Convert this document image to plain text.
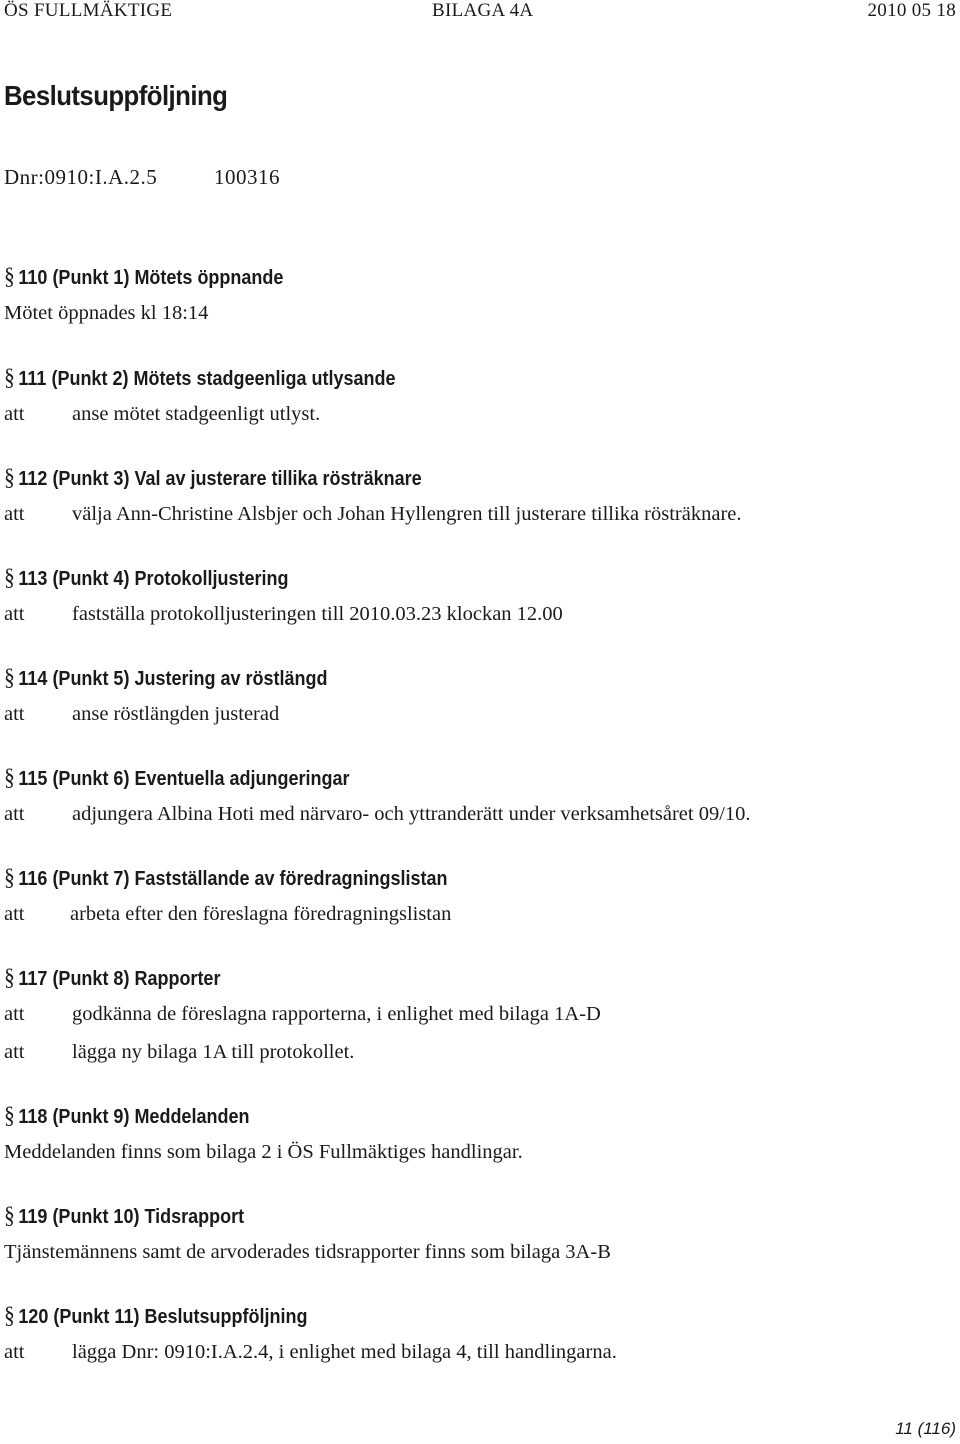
ÖS FULLMÄKTIGE	BILAGA 4A	2010 05 18
Beslutsuppföljning
Dnr:0910:I.A.2.5	100316
§ 110 (Punkt 1) Mötets öppnande
Mötet öppnades kl 18:14
§ 111 (Punkt 2) Mötets stadgeenliga utlysande
att anse mötet stadgeenligt utlyst.
§ 112 (Punkt 3) Val av justerare tillika rösträknare
att välja Ann-Christine Alsbjer och Johan Hyllengren till justerare tillika rösträknare.
§ 113 (Punkt 4) Protokolljustering
att fastställa protokolljusteringen till 2010.03.23 klockan 12.00
§ 114 (Punkt 5) Justering av röstlängd
att anse röstlängden justerad
§ 115 (Punkt 6) Eventuella adjungeringar
att adjungera Albina Hoti med närvaro- och yttranderätt under verksamhetsåret 09/10.
§ 116 (Punkt 7) Fastställande av föredragningslistan
att arbeta efter den föreslagna föredragningslistan
§ 117 (Punkt 8) Rapporter
att godkänna de föreslagna rapporterna, i enlighet med bilaga 1A-D
att lägga ny bilaga 1A till protokollet.
§ 118 (Punkt 9) Meddelanden
Meddelanden finns som bilaga 2 i ÖS Fullmäktiges handlingar.
§ 119 (Punkt 10) Tidsrapport
Tjänstemännens samt de arvoderades tidsrapporter finns som bilaga 3A-B
§ 120 (Punkt 11) Beslutsuppföljning
att lägga Dnr: 0910:I.A.2.4, i enlighet med bilaga 4, till handlingarna.
11 (116)
